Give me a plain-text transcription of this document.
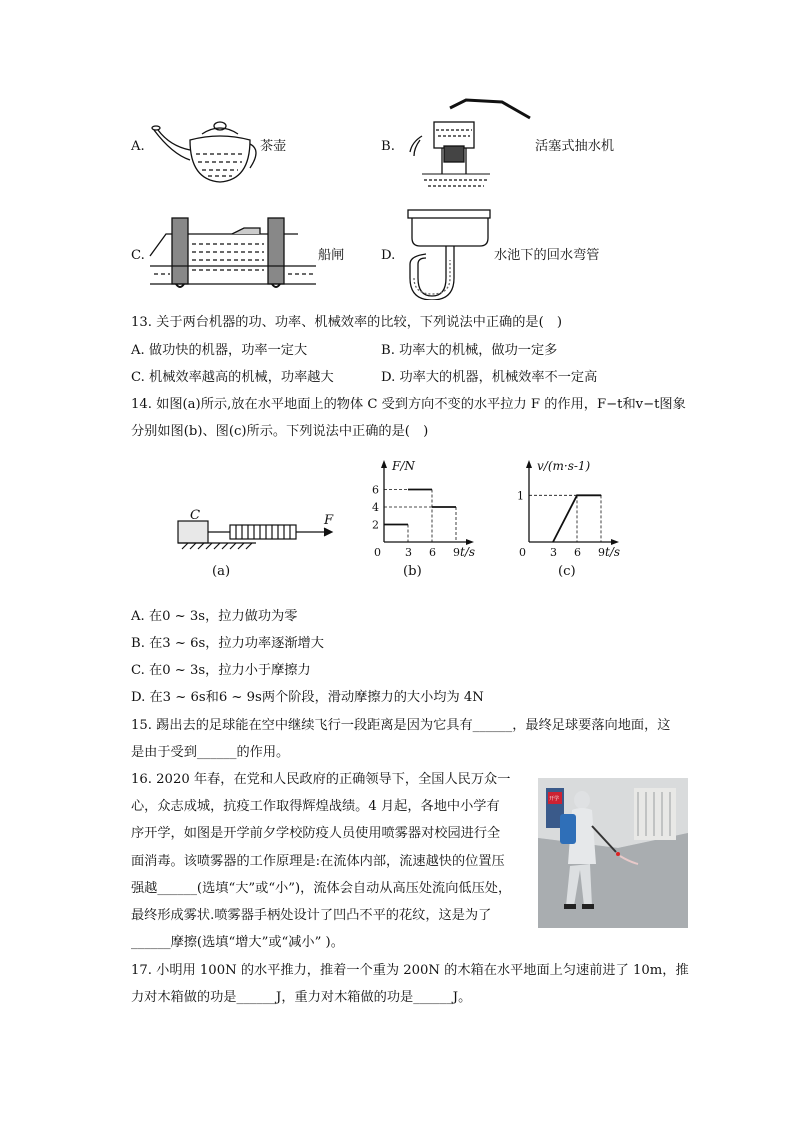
A.	茶壶	B.	活塞式抽水机
C.	船闸	D.	水池下的回水弯管
13. 关于两台机器的功、功率、机械效率的比较，下列说法中正确的是(　)
A. 做功快的机器，功率一定大	B. 功率大的机械，做功一定多
C. 机械效率越高的机械，功率越大	D. 功率大的机器，机械效率不一定高
14. 如图(a)所示,放在水平地面上的物体 C 受到方向不变的水平拉力 F 的作用，F−t和v−t图象
分别如图(b)、图(c)所示。下列说法中正确的是(　)
C	F
(a)
F/N
t/s
0 3 6 9
2
4
6
(b)
v/(m·s-1)
t/s
0 3 6 9
1
(c)
A. 在0 ~ 3s，拉力做功为零
B. 在3 ~ 6s，拉力功率逐渐增大
C. 在0 ~ 3s，拉力小于摩擦力
D. 在3 ~ 6s和6 ~ 9s两个阶段，滑动摩擦力的大小均为 4N
15. 踢出去的足球能在空中继续飞行一段距离是因为它具有______，最终足球要落向地面，这
是由于受到______的作用。
16. 2020 年春，在党和人民政府的正确领导下，全国人民万众一
心，众志成城，抗疫工作取得辉煌战绩。4 月起，各地中小学有
序开学，如图是开学前夕学校防疫人员使用喷雾器对校园进行全
面消毒。该喷雾器的工作原理是:在流体内部，流速越快的位置压
强越______(选填“大”或“小”)，流体会自动从高压处流向低压处，
最终形成雾状.喷雾器手柄处设计了凹凸不平的花纹，这是为了
______摩擦(选填“增大”或“减小” )。
开学
17. 小明用 100N 的水平推力，推着一个重为 200N 的木箱在水平地面上匀速前进了 10m，推
力对木箱做的功是______J，重力对木箱做的功是______J。
